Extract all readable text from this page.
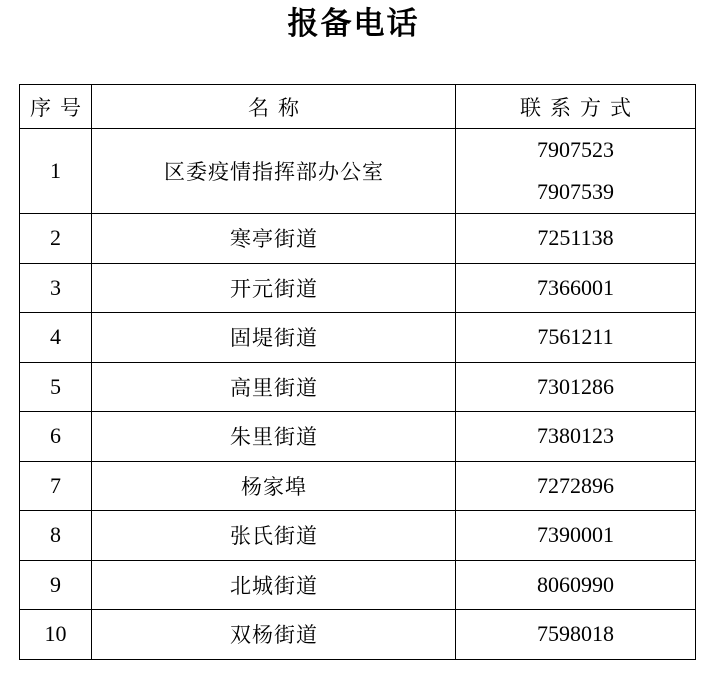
报备电话
序号	名称	联系方式
1	区委疫情指挥部办公室	7907523
7907539

2	寒亭街道	7251138

3	开元街道	7366001

4	固堤街道	7561211

5	高里街道	7301286

6	朱里街道	7380123

7	杨家埠	7272896

8	张氏街道	7390001

9	北城街道	8060990

10	双杨街道	7598018
